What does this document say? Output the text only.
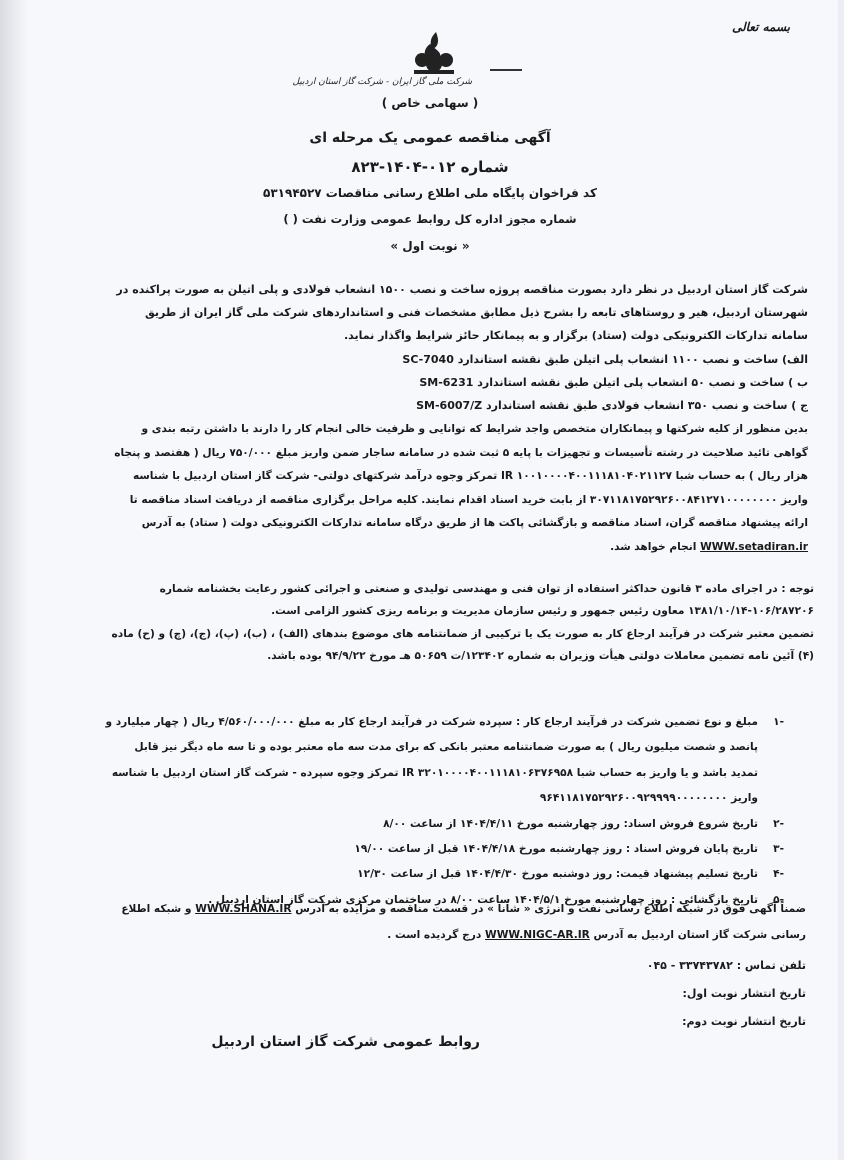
بسمه تعالی
شرکت ملی گاز ایران - شرکت گاز استان اردبیل
( سهامی خاص )
آگهی مناقصه عمومی یک مرحله ای
شماره ۰۱۲-۱۴۰۴-۸۲۳
کد فراخوان پایگاه ملی اطلاع رسانی مناقصات ۵۳۱۹۴۵۲۷
شماره مجوز اداره کل روابط عمومی وزارت نفت ( )
« نوبت اول »
شرکت گاز استان اردبیل در نظر دارد بصورت مناقصه پروژه ساخت و نصب ۱۵۰۰ انشعاب فولادی و پلی اتیلن به صورت پراکنده در شهرستان اردبیل، هیر و روستاهای تابعه را بشرح ذیل مطابق مشخصات فنی و استانداردهای شرکت ملی گاز ایران از طریق سامانه تدارکات الکترونیکی دولت (ستاد) برگزار و به پیمانکار حائز شرایط واگذار نماید.
الف) ساخت و نصب ۱۱۰۰ انشعاب پلی اتیلن طبق نقشه استاندارد SC-7040
ب ) ساخت و نصب ۵۰ انشعاب پلی اتیلن طبق نقشه استاندارد SM-6231
ج ) ساخت و نصب ۳۵۰ انشعاب فولادی طبق نقشه استاندارد SM-6007/Z
بدین منظور از کلیه شرکتها و پیمانکاران متخصص واجد شرایط که توانایی و ظرفیت خالی انجام کار را دارند با داشتن رتبه بندی و گواهی تائید صلاحیت در رشته تأسیسات و تجهیزات با پایه ۵ ثبت شده در سامانه ساجار ضمن واریز مبلغ ۷۵۰/۰۰۰ ریال ( هفتصد و پنجاه هزار ریال ) به حساب شبا IR ۱۰۰۱۰۰۰۰۴۰۰۱۱۱۸۱۰۴۰۲۱۱۲۷ تمرکز وجوه درآمد شرکتهای دولتی- شرکت گاز استان اردبیل با شناسه واریز ۳۰۷۱۱۸۱۷۵۲۹۲۶۰۰۸۴۱۲۷۱۰۰۰۰۰۰۰۰ از بابت خرید اسناد اقدام نمایند. کلیه مراحل برگزاری مناقصه از دریافت اسناد مناقصه تا ارائه پیشنهاد مناقصه گران، اسناد مناقصه و بازگشائی پاکت ها از طریق درگاه سامانه تدارکات الکترونیکی دولت ( ستاد) به آدرس WWW.setadiran.ir انجام خواهد شد.
توجه : در اجرای ماده ۳ قانون حداکثر استفاده از توان فنی و مهندسی تولیدی و صنعتی و اجرائی کشور رعایت بخشنامه شماره ۱۰۶/۲۸۷۲۰۶-۱۳۸۱/۱۰/۱۴ معاون رئیس جمهور و رئیس سازمان مدیریت و برنامه ریزی کشور الزامی است.
تضمین معتبر شرکت در فرآیند ارجاع کار به صورت یک یا ترکیبی از ضمانتنامه های موضوع بندهای (الف) ، (ب)، (پ)، (ج)، (چ) و (ح) ماده (۴) آئین نامه تضمین معاملات دولتی هیأت وزیران به شماره ۱۲۳۴۰۲/ت ۵۰۶۵۹ هـ مورخ ۹۴/۹/۲۲ بوده باشد.
-۱
مبلغ و نوع تضمین شرکت در فرآیند ارجاع کار : سپرده شرکت در فرآیند ارجاع کار به مبلغ ۴/۵۶۰/۰۰۰/۰۰۰ ریال ( چهار میلیارد و پانصد و شصت میلیون ریال ) به صورت ضمانتنامه معتبر بانکی که برای مدت سه ماه معتبر بوده و تا سه ماه دیگر نیز قابل تمدید باشد و یا واریز به حساب شبا IR ۳۲۰۱۰۰۰۰۴۰۰۱۱۱۸۱۰۶۳۷۶۹۵۸ تمرکز وجوه سپرده - شرکت گاز استان اردبیل با شناسه واریز ۹۶۴۱۱۸۱۷۵۲۹۲۶۰۰۹۲۹۹۹۹۰۰۰۰۰۰۰۰
-۲
تاریخ شروع فروش اسناد: روز چهارشنبه مورخ ۱۴۰۴/۴/۱۱ از ساعت ۸/۰۰
-۳
تاریخ پایان فروش اسناد : روز چهارشنبه مورخ ۱۴۰۴/۴/۱۸ قبل از ساعت ۱۹/۰۰
-۴
تاریخ تسلیم پیشنهاد قیمت: روز دوشنبه مورخ ۱۴۰۴/۴/۳۰ قبل از ساعت ۱۲/۳۰
-۵
تاریخ بازگشائی : روز چهارشنبه مورخ ۱۴۰۴/۵/۱ ساعت ۸/۰۰ در ساختمان مرکزی شرکت گاز استان اردبیل .
ضمناً آگهی فوق در شبکه اطلاع رسانی نفت و انرژی « شانا » در قسمت مناقصه و مزایده به آدرس WWW.SHANA.IR و شبکه اطلاع رسانی شرکت گاز استان اردبیل به آدرس WWW.NIGC-AR.IR درج گردیده است .
تلفن تماس : ۳۳۷۴۳۷۸۲ - ۰۴۵
تاریخ انتشار نوبت اول:
تاریخ انتشار نوبت دوم:
روابط عمومی شرکت گاز استان اردبیل
